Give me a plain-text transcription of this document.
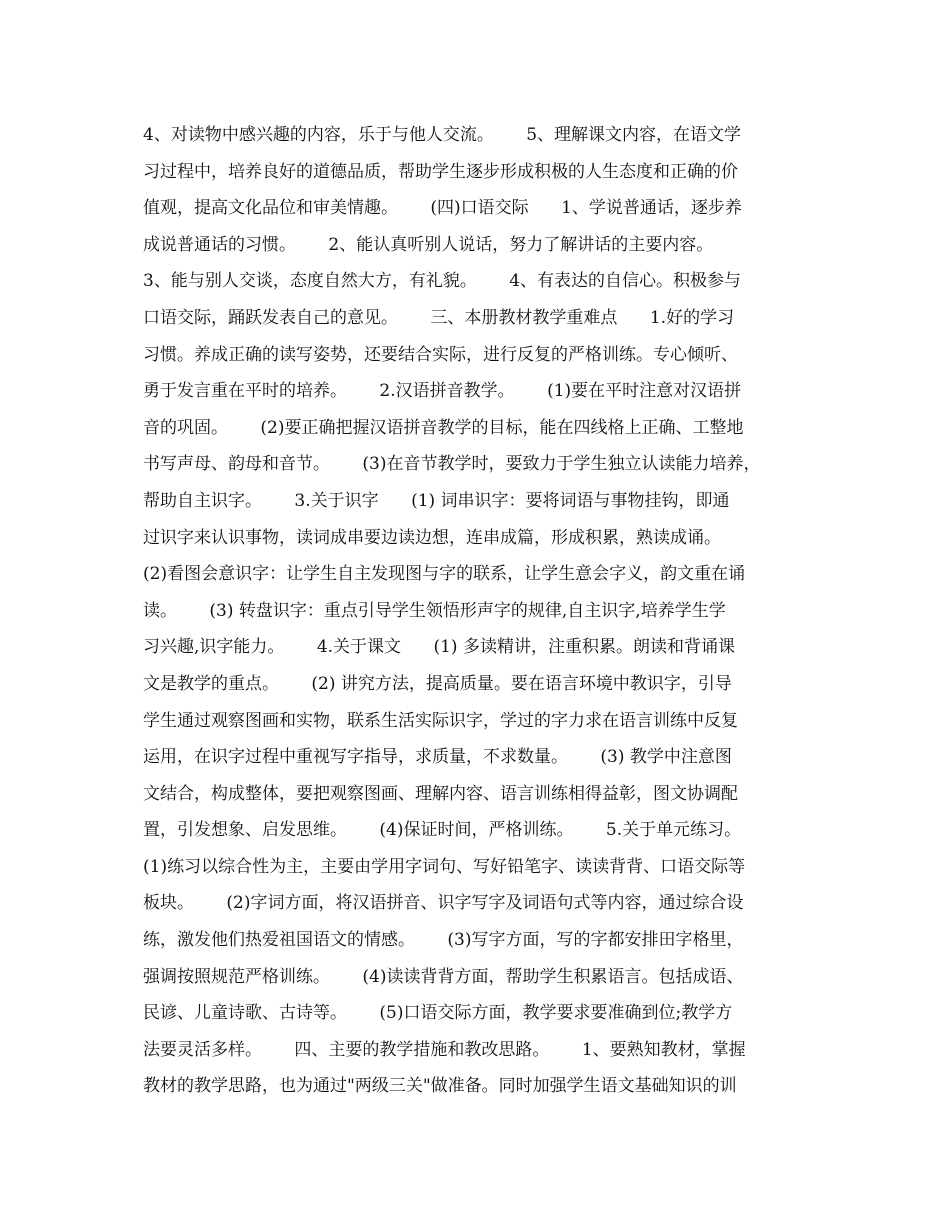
4、对读物中感兴趣的内容，乐于与他人交流。      5、理解课文内容，在语文学
习过程中，培养良好的道德品质，帮助学生逐步形成积极的人生态度和正确的价
值观，提高文化品位和审美情趣。      (四)口语交际      1、学说普通话，逐步养
成说普通话的习惯。      2、能认真听别人说话，努力了解讲话的主要内容。
3、能与别人交谈，态度自然大方，有礼貌。      4、有表达的自信心。积极参与
口语交际，踊跃发表自己的意见。      三、本册教材教学重难点      1.好的学习
习惯。养成正确的读写姿势，还要结合实际，进行反复的严格训练。专心倾听、
勇于发言重在平时的培养。      2.汉语拼音教学。      (1)要在平时注意对汉语拼
音的巩固。      (2)要正确把握汉语拼音教学的目标，能在四线格上正确、工整地
书写声母、韵母和音节。      (3)在音节教学时，要致力于学生独立认读能力培养，
帮助自主识字。      3.关于识字      (1) 词串识字：要将词语与事物挂钩，即通
过识字来认识事物，读词成串要边读边想，连串成篇，形成积累，熟读成诵。
(2)看图会意识字：让学生自主发现图与字的联系，让学生意会字义，韵文重在诵
读。      (3) 转盘识字：重点引导学生领悟形声字的规律,自主识字,培养学生学
习兴趣,识字能力。      4.关于课文      (1) 多读精讲，注重积累。朗读和背诵课
文是教学的重点。      (2) 讲究方法，提高质量。要在语言环境中教识字，引导
学生通过观察图画和实物，联系生活实际识字，学过的字力求在语言训练中反复
运用，在识字过程中重视写字指导，求质量，不求数量。      (3) 教学中注意图
文结合，构成整体，要把观察图画、理解内容、语言训练相得益彰，图文协调配
置，引发想象、启发思维。      (4)保证时间，严格训练。      5.关于单元练习。
(1)练习以综合性为主，主要由学用字词句、写好铅笔字、读读背背、口语交际等
板块。      (2)字词方面，将汉语拼音、识字写字及词语句式等内容，通过综合设
练，激发他们热爱祖国语文的情感。      (3)写字方面，写的字都安排田字格里，
强调按照规范严格训练。      (4)读读背背方面，帮助学生积累语言。包括成语、
民谚、儿童诗歌、古诗等。      (5)口语交际方面，教学要求要准确到位;教学方
法要灵活多样。      四、主要的教学措施和教改思路。      1、要熟知教材，掌握
教材的教学思路，也为通过"两级三关"做准备。同时加强学生语文基础知识的训
